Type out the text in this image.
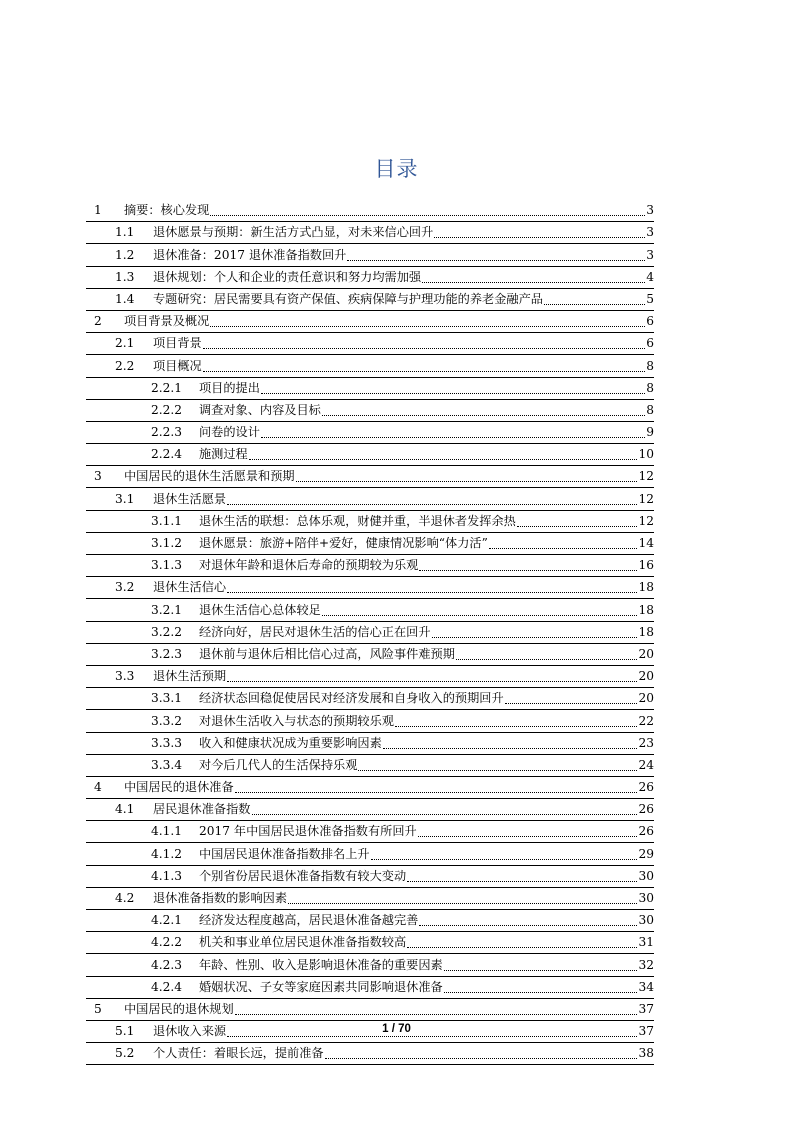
目录
1	摘要：核心发现	3
1.1	退休愿景与预期：新生活方式凸显，对未来信心回升	3
1.2	退休准备：2017 退休准备指数回升	3
1.3	退休规划：个人和企业的责任意识和努力均需加强	4
1.4	专题研究：居民需要具有资产保值、疾病保障与护理功能的养老金融产品	5
2	项目背景及概况	6
2.1	项目背景	6
2.2	项目概况	8
2.2.1	项目的提出	8
2.2.2	调查对象、内容及目标	8
2.2.3	问卷的设计	9
2.2.4	施测过程	10
3	中国居民的退休生活愿景和预期	12
3.1	退休生活愿景	12
3.1.1	退休生活的联想：总体乐观，财健并重，半退休者发挥余热	12
3.1.2	退休愿景：旅游+陪伴+爱好，健康情况影响“体力活”	14
3.1.3	对退休年龄和退休后寿命的预期较为乐观	16
3.2	退休生活信心	18
3.2.1	退休生活信心总体较足	18
3.2.2	经济向好，居民对退休生活的信心正在回升	18
3.2.3	退休前与退休后相比信心过高，风险事件难预期	20
3.3	退休生活预期	20
3.3.1	经济状态回稳促使居民对经济发展和自身收入的预期回升	20
3.3.2	对退休生活收入与状态的预期较乐观	22
3.3.3	收入和健康状况成为重要影响因素	23
3.3.4	对今后几代人的生活保持乐观	24
4	中国居民的退休准备	26
4.1	居民退休准备指数	26
4.1.1	2017 年中国居民退休准备指数有所回升	26
4.1.2	中国居民退休准备指数排名上升	29
4.1.3	个别省份居民退休准备指数有较大变动	30
4.2	退休准备指数的影响因素	30
4.2.1	经济发达程度越高，居民退休准备越完善	30
4.2.2	机关和事业单位居民退休准备指数较高	31
4.2.3	年龄、性别、收入是影响退休准备的重要因素	32
4.2.4	婚姻状况、子女等家庭因素共同影响退休准备	34
5	中国居民的退休规划	37
5.1	退休收入来源	37
5.2	个人责任：着眼长远，提前准备	38
1 / 70
